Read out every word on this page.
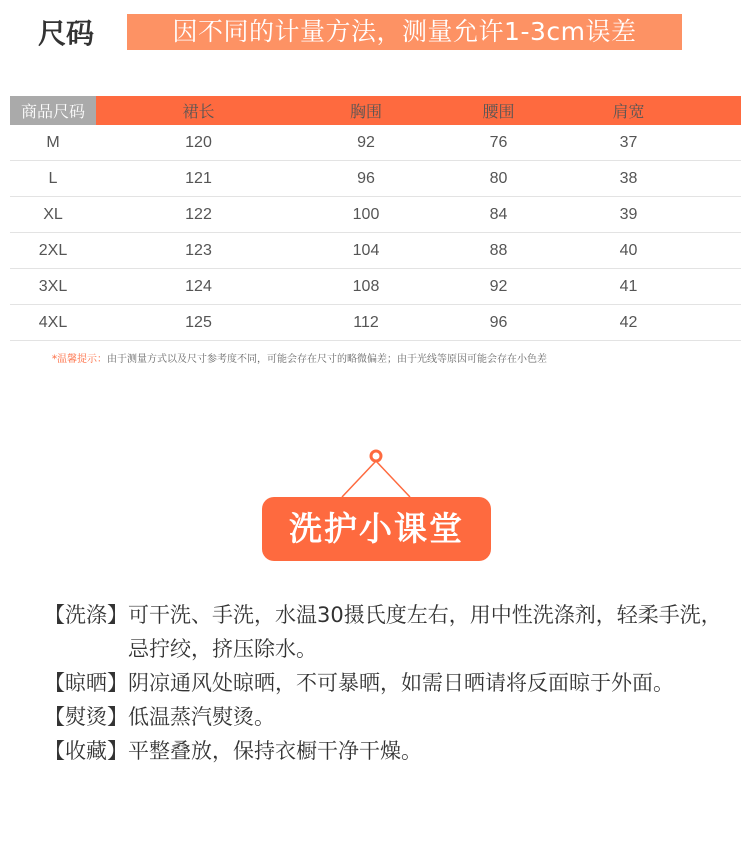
尺码	因不同的计量方法，测量允许1-3cm误差
商品尺码	裙长	胸围	腰围	肩宽	
M	120	92	76	37	
L	121	96	80	38	
XL	122	100	84	39	
2XL	123	104	88	40	
3XL	124	108	92	41	
4XL	125	112	96	42	
*温馨提示：由于测量方式以及尺寸参考度不同，可能会存在尺寸的略微偏差；由于光线等原因可能会存在小色差
洗护小课堂
【洗涤】 可干洗、手洗，水温30摄氏度左右，用中性洗涤剂，轻柔手洗，忌拧绞，挤压除水。
【晾晒】 阴凉通风处晾晒，不可暴晒，如需日晒请将反面晾于外面。
【熨烫】 低温蒸汽熨烫。
【收藏】 平整叠放，保持衣橱干净干燥。
